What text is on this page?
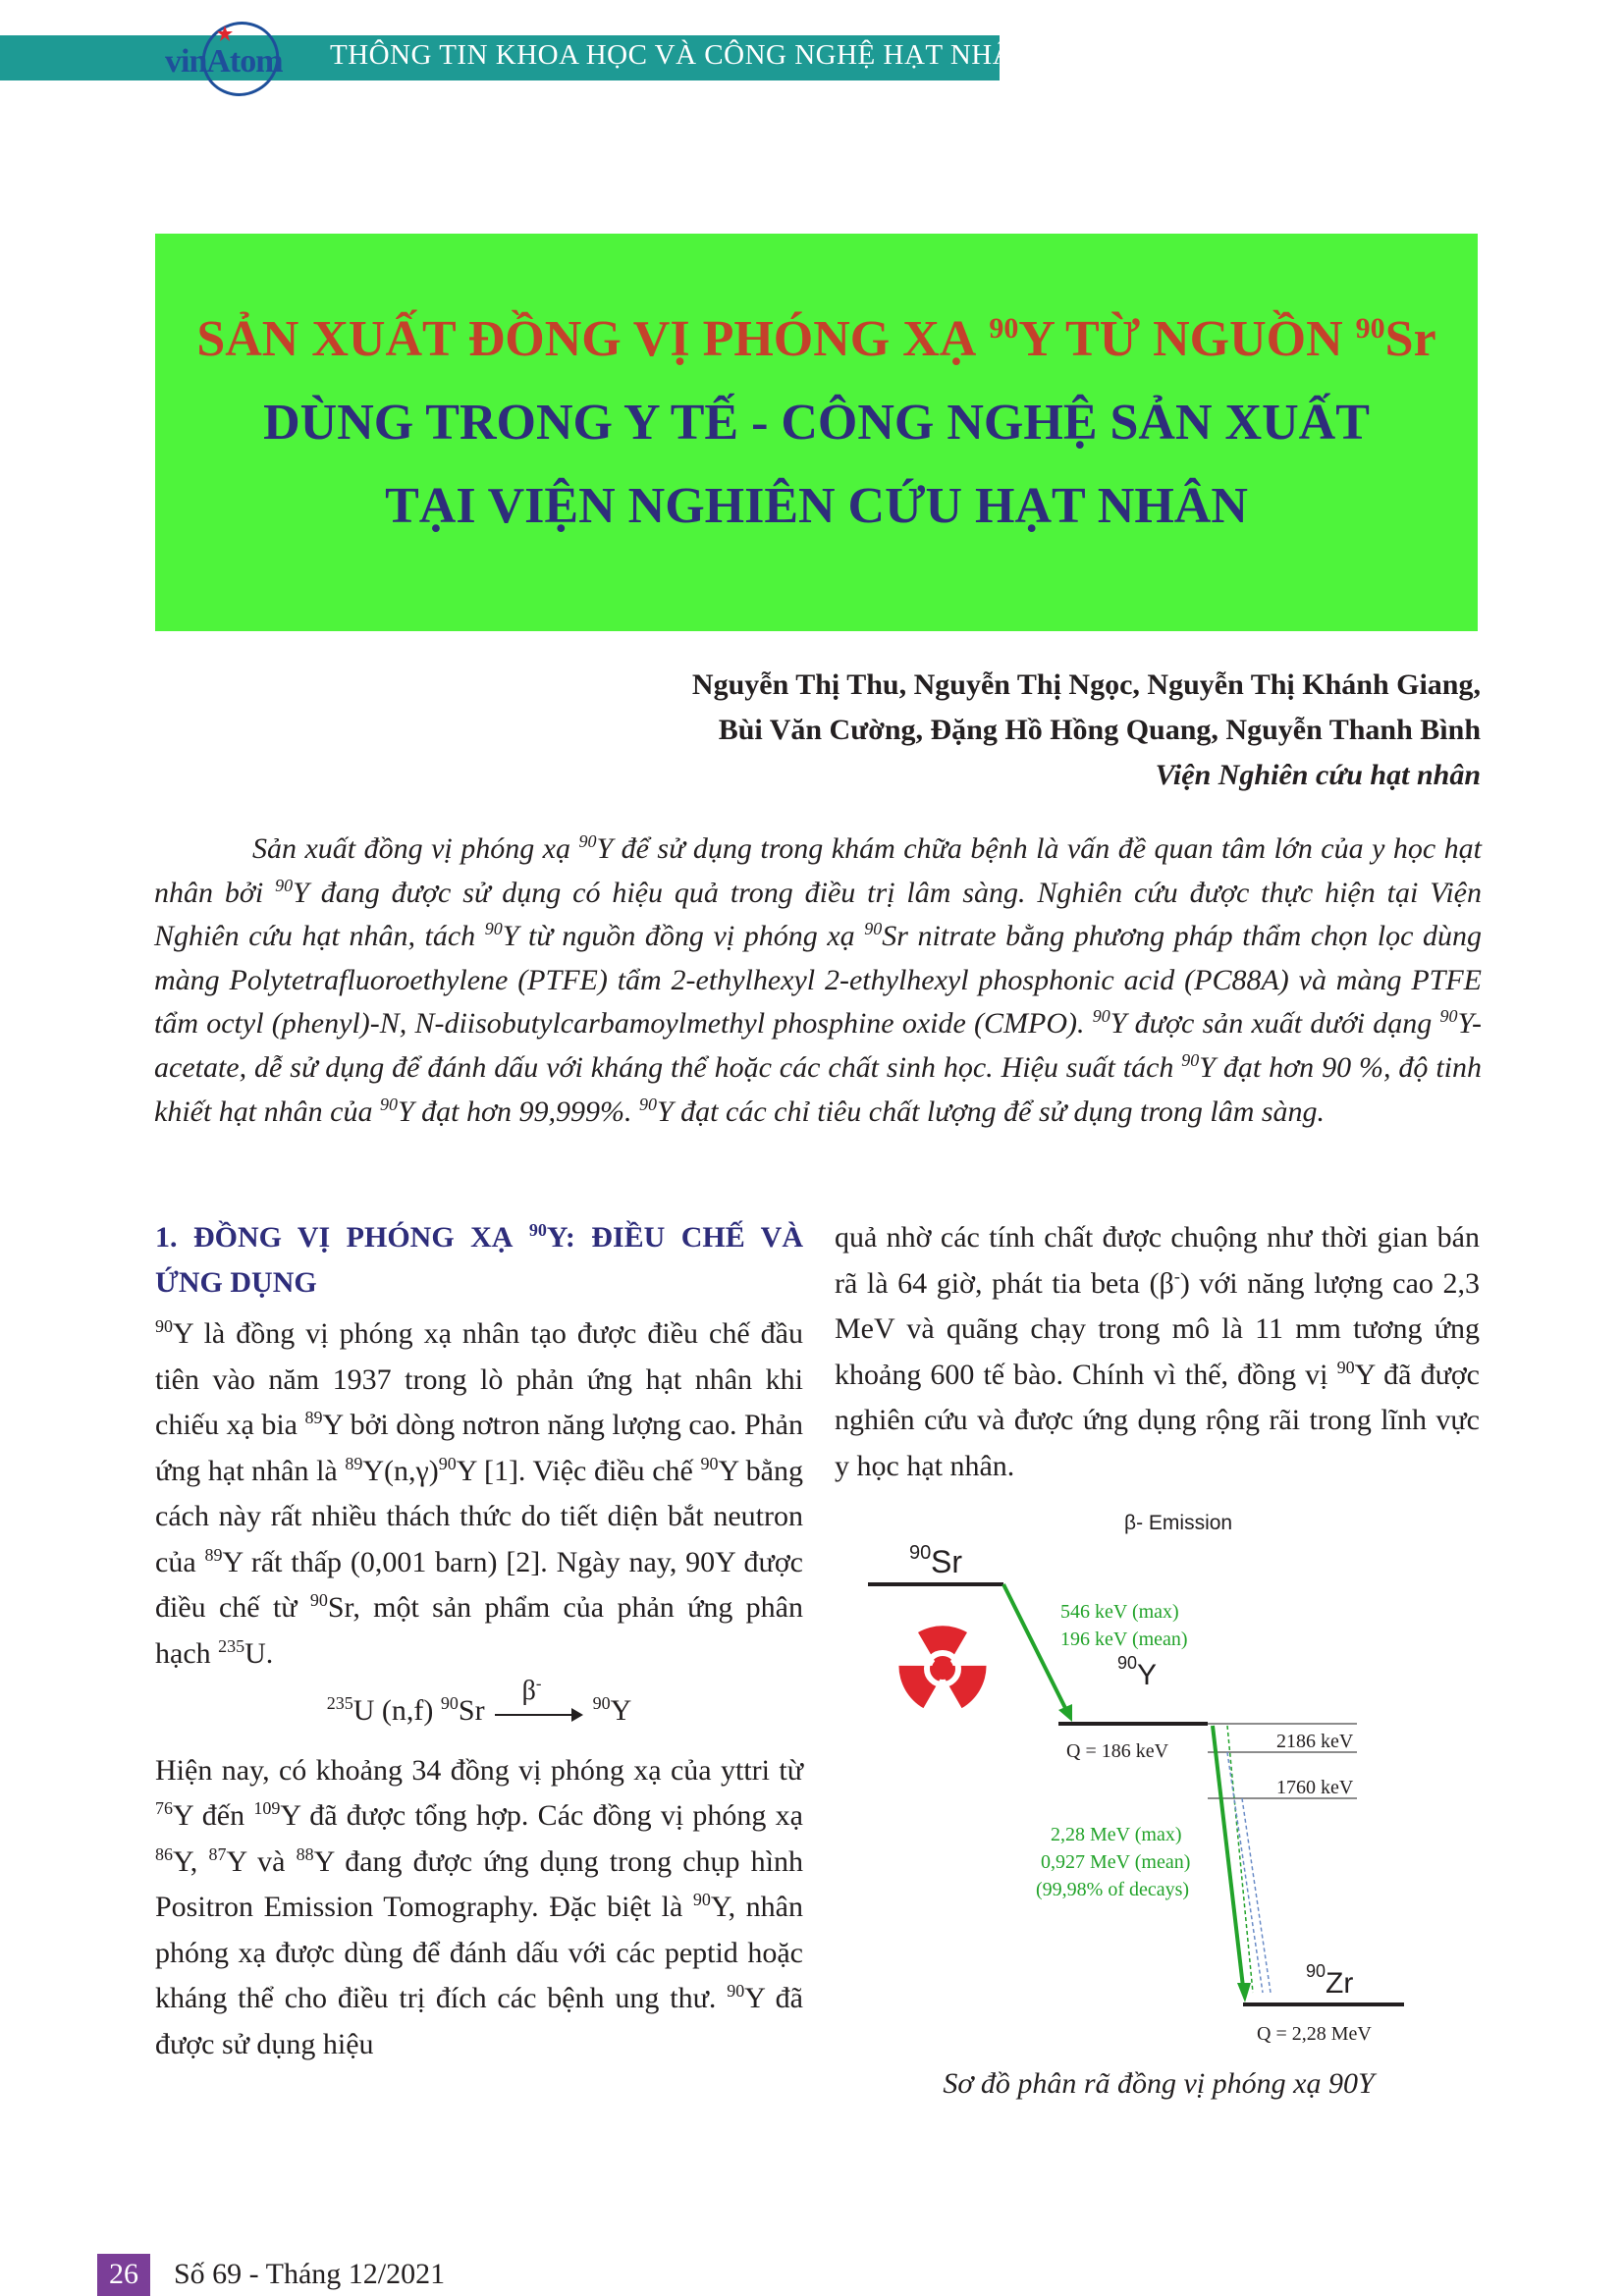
vinAtom THÔNG TIN KHOA HỌC VÀ CÔNG NGHỆ HẠT NHÂN
SẢN XUẤT ĐỒNG VỊ PHÓNG XẠ $^{90}$Y TỪ NGUỒN $^{90}$Sr
DÙNG TRONG Y TẾ - CÔNG NGHỆ SẢN XUẤT
TẠI VIỆN NGHIÊN CỨU HẠT NHÂN
Nguyễn Thị Thu, Nguyễn Thị Ngọc, Nguyễn Thị Khánh Giang,
Bùi Văn Cường, Đặng Hồ Hồng Quang, Nguyễn Thanh Bình
Viện Nghiên cứu hạt nhân

Sản xuất đồng vị phóng xạ $^{90}$Y để sử dụng trong khám chữa bệnh là vấn đề quan tâm lớn của y học hạt nhân bởi $^{90}$Y đang được sử dụng có hiệu quả trong điều trị lâm sàng. Nghiên cứu được thực hiện tại Viện Nghiên cứu hạt nhân, tách $^{90}$Y từ nguồn đồng vị phóng xạ $^{90}$Sr nitrate bằng phương pháp thẩm chọn lọc dùng màng Polytetrafluoroethylene (PTFE) tẩm 2-ethylhexyl 2-ethylhexyl phosphonic acid (PC88A) và màng PTFE tẩm octyl (phenyl)-N, N-diisobutylcarbamoylmethyl phosphine oxide (CMPO). $^{90}$Y được sản xuất dưới dạng $^{90}$Y-acetate, dễ sử dụng để đánh dấu với kháng thể hoặc các chất sinh học. Hiệu suất tách $^{90}$Y đạt hơn 90 %, độ tinh khiết hạt nhân của $^{90}$Y đạt hơn 99,999%. $^{90}$Y đạt các chỉ tiêu chất lượng để sử dụng trong lâm sàng.

1. ĐỒNG VỊ PHÓNG XẠ $^{90}$Y: ĐIỀU CHẾ VÀ ỨNG DỤNG

$^{90}$Y là đồng vị phóng xạ nhân tạo được điều chế đầu tiên vào năm 1937 trong lò phản ứng hạt nhân khi chiếu xạ bia $^{89}$Y bởi dòng nơtron năng lượng cao. Phản ứng hạt nhân là $^{89}Y(n,\gamma)^{90}Y$ [1]. Việc điều chế $^{90}$Y bằng cách này rất nhiều thách thức do tiết diện bắt neutron của $^{89}$Y rất thấp (0,001 barn) [2]. Ngày nay, 90Y được điều chế từ $^{90}$Sr, một sản phẩm của phản ứng phân hạch $^{235}$U.

$^{235}$U (n,f) $^{90}$Sr
β-
$^{90}$Y

Hiện nay, có khoảng 34 đồng vị phóng xạ của yttri từ $^{76}$Y đến $^{109}$Y đã được tổng hợp. Các đồng vị phóng xạ $^{86}$Y, $^{87}$Y và $^{88}$Y đang được ứng dụng trong chụp hình Positron Emission Tomography. Đặc biệt là $^{90}$Y, nhân phóng xạ được dùng để đánh dấu với các peptid hoặc kháng thể cho điều trị đích các bệnh ung thư. $^{90}$Y đã được sử dụng hiệu

quả nhờ các tính chất được chuộng như thời gian bán rã là 64 giờ, phát tia beta (β-) với năng lượng cao 2,3 MeV và quãng chạy trong mô là 11 mm tương ứng khoảng 600 tế bào. Chính vì thế, đồng vị $^{90}$Y đã được nghiên cứu và được ứng dụng rộng rãi trong lĩnh vực y học hạt nhân.

β- Emission
90 Sr
546 keV (max)
196 keV (mean)
90 Y
Q = 186 keV	2186 keV
1760 keV
2,28 MeV (max)
0,927 MeV (mean)
(99,98% of decays)
90 Zr
Q = 2,28 MeV
Sơ đồ phân rã đồng vị phóng xạ 90Y
26	Số 69 - Tháng 12/2021
